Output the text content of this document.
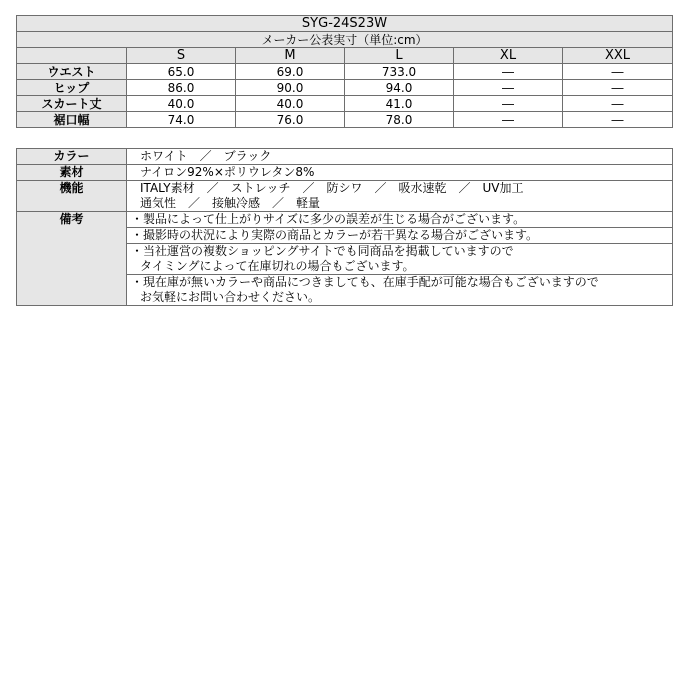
SYG-24S23W					
メーカー公表実寸（単位:cm）					
	S	M	L	XL	XXL
ウエスト	65.0	69.0	733.0	―	―
ヒップ	86.0	90.0	94.0	―	―
スカート丈	40.0	40.0	41.0	―	―
裾口幅	74.0	76.0	78.0	―	―
カラー	ホワイト　／　ブラック
素材	ナイロン92%×ポリウレタン8%
機能	ITALY素材　／　ストレッチ　／　防シワ　／　吸水速乾　／　UV加工
通気性　／　接触冷感　／　軽量

備考	・製品によって仕上がりサイズに多少の誤差が生じる場合がございます。

	・撮影時の状況により実際の商品とカラーが若干異なる場合がございます。

	・当社運営の複数ショッピングサイトでも同商品を掲載していますので
タイミングによって在庫切れの場合もございます。

	・現在庫が無いカラーや商品につきましても、在庫手配が可能な場合もございますので
お気軽にお問い合わせください。
